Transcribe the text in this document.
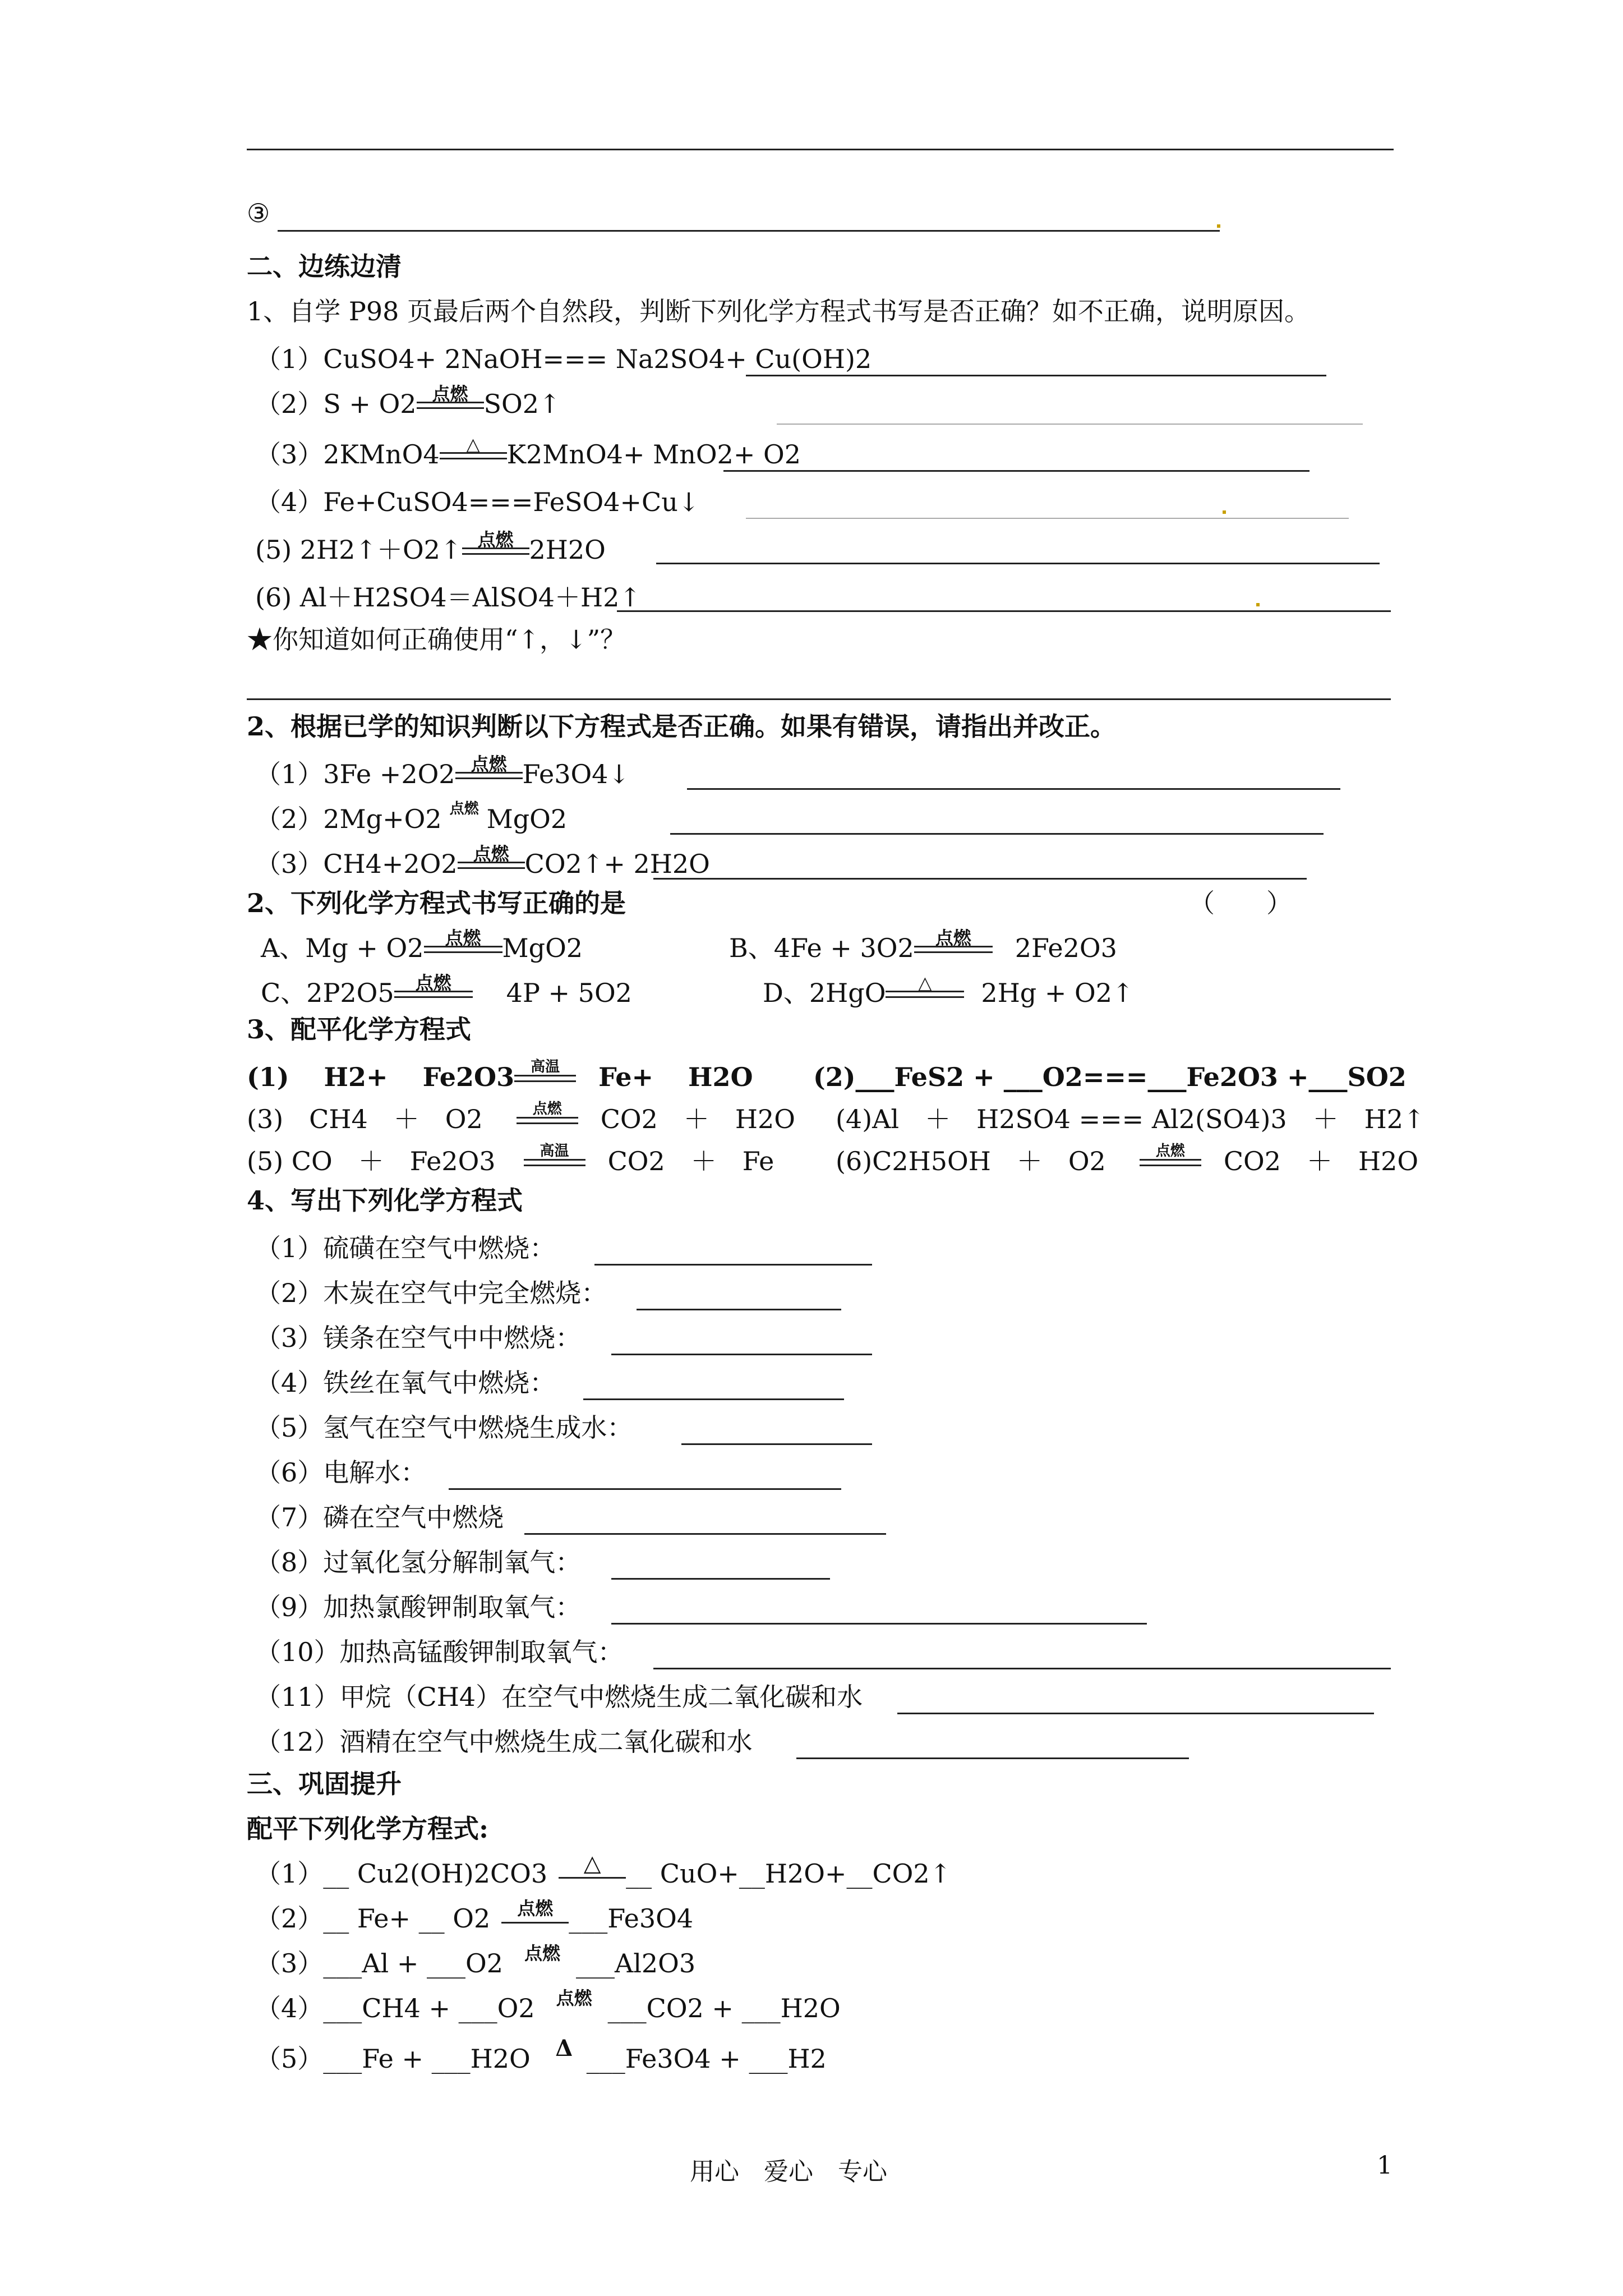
③
二、边练边清
1、自学 P98 页最后两个自然段，判断下列化学方程式书写是否正确？如不正确，说明原因。
（1）CuSO4+ 2NaOH=== Na2SO4+ Cu(OH)2
（2）S + O2 点燃 SO2↑
（3）2KMnO4	△	K2MnO4+ MnO2+ O2
（4）Fe+CuSO4===FeSO4+Cu↓
(5) 2H2↑＋O2↑ 点燃 2H2O
(6) Al＋H2SO4＝AlSO4＋H2↑
★你知道如何正确使用“↑，↓”？
2、根据已学的知识判断以下方程式是否正确。如果有错误，请指出并改正。
（1）3Fe +2O2 点燃 Fe3O4↓
（2）2Mg+O2 点燃 MgO2
（3）CH4+2O2 点燃 CO2↑+ 2H2O
2、下列化学方程式书写正确的是	（　　）
A、Mg + O2	点燃 MgO2	B、4Fe + 3O2	点燃	2Fe2O3
C、2P2O5	点燃	4P + 5O2	D、2HgO	△	2Hg + O2↑
3、配平化学方程式
(1)　 H2+　 Fe2O3	高温	Fe+　 H2O (2)___FeS2 + ___O2===___Fe2O3 +___SO2
(3)　CH4　＋　O2	点燃	CO2　＋　H2O (4)Al　＋　H2SO4 === Al2(SO4)3　＋　H2↑
(5) CO　＋　Fe2O3	高温	CO2　＋　Fe (6)C2H5OH　＋　O2	点燃	CO2　＋　H2O
4、写出下列化学方程式
（1）硫磺在空气中燃烧：
（2）木炭在空气中完全燃烧：
（3）镁条在空气中中燃烧：
（4）铁丝在氧气中燃烧：
（5）氢气在空气中燃烧生成水：
（6）电解水：
（7）磷在空气中燃烧
（8）过氧化氢分解制氧气：
（9）加热氯酸钾制取氧气：
（10）加热高锰酸钾制取氧气：
（11）甲烷（CH4）在空气中燃烧生成二氧化碳和水
（12）酒精在空气中燃烧生成二氧化碳和水
三、巩固提升
配平下列化学方程式:
（1）__ Cu2(OH)2CO3	△ __ CuO+__H2O+__CO2↑
（2）__ Fe+ __ O2	点燃 ___Fe3O4
（3）___Al + ___O2	点燃 ___Al2O3
（4）___CH4 + ___O2	点燃 ___CO2 + ___H2O
（5）___Fe + ___H2O	Δ ___Fe3O4 + ___H2
用心　爱心　专心	1
